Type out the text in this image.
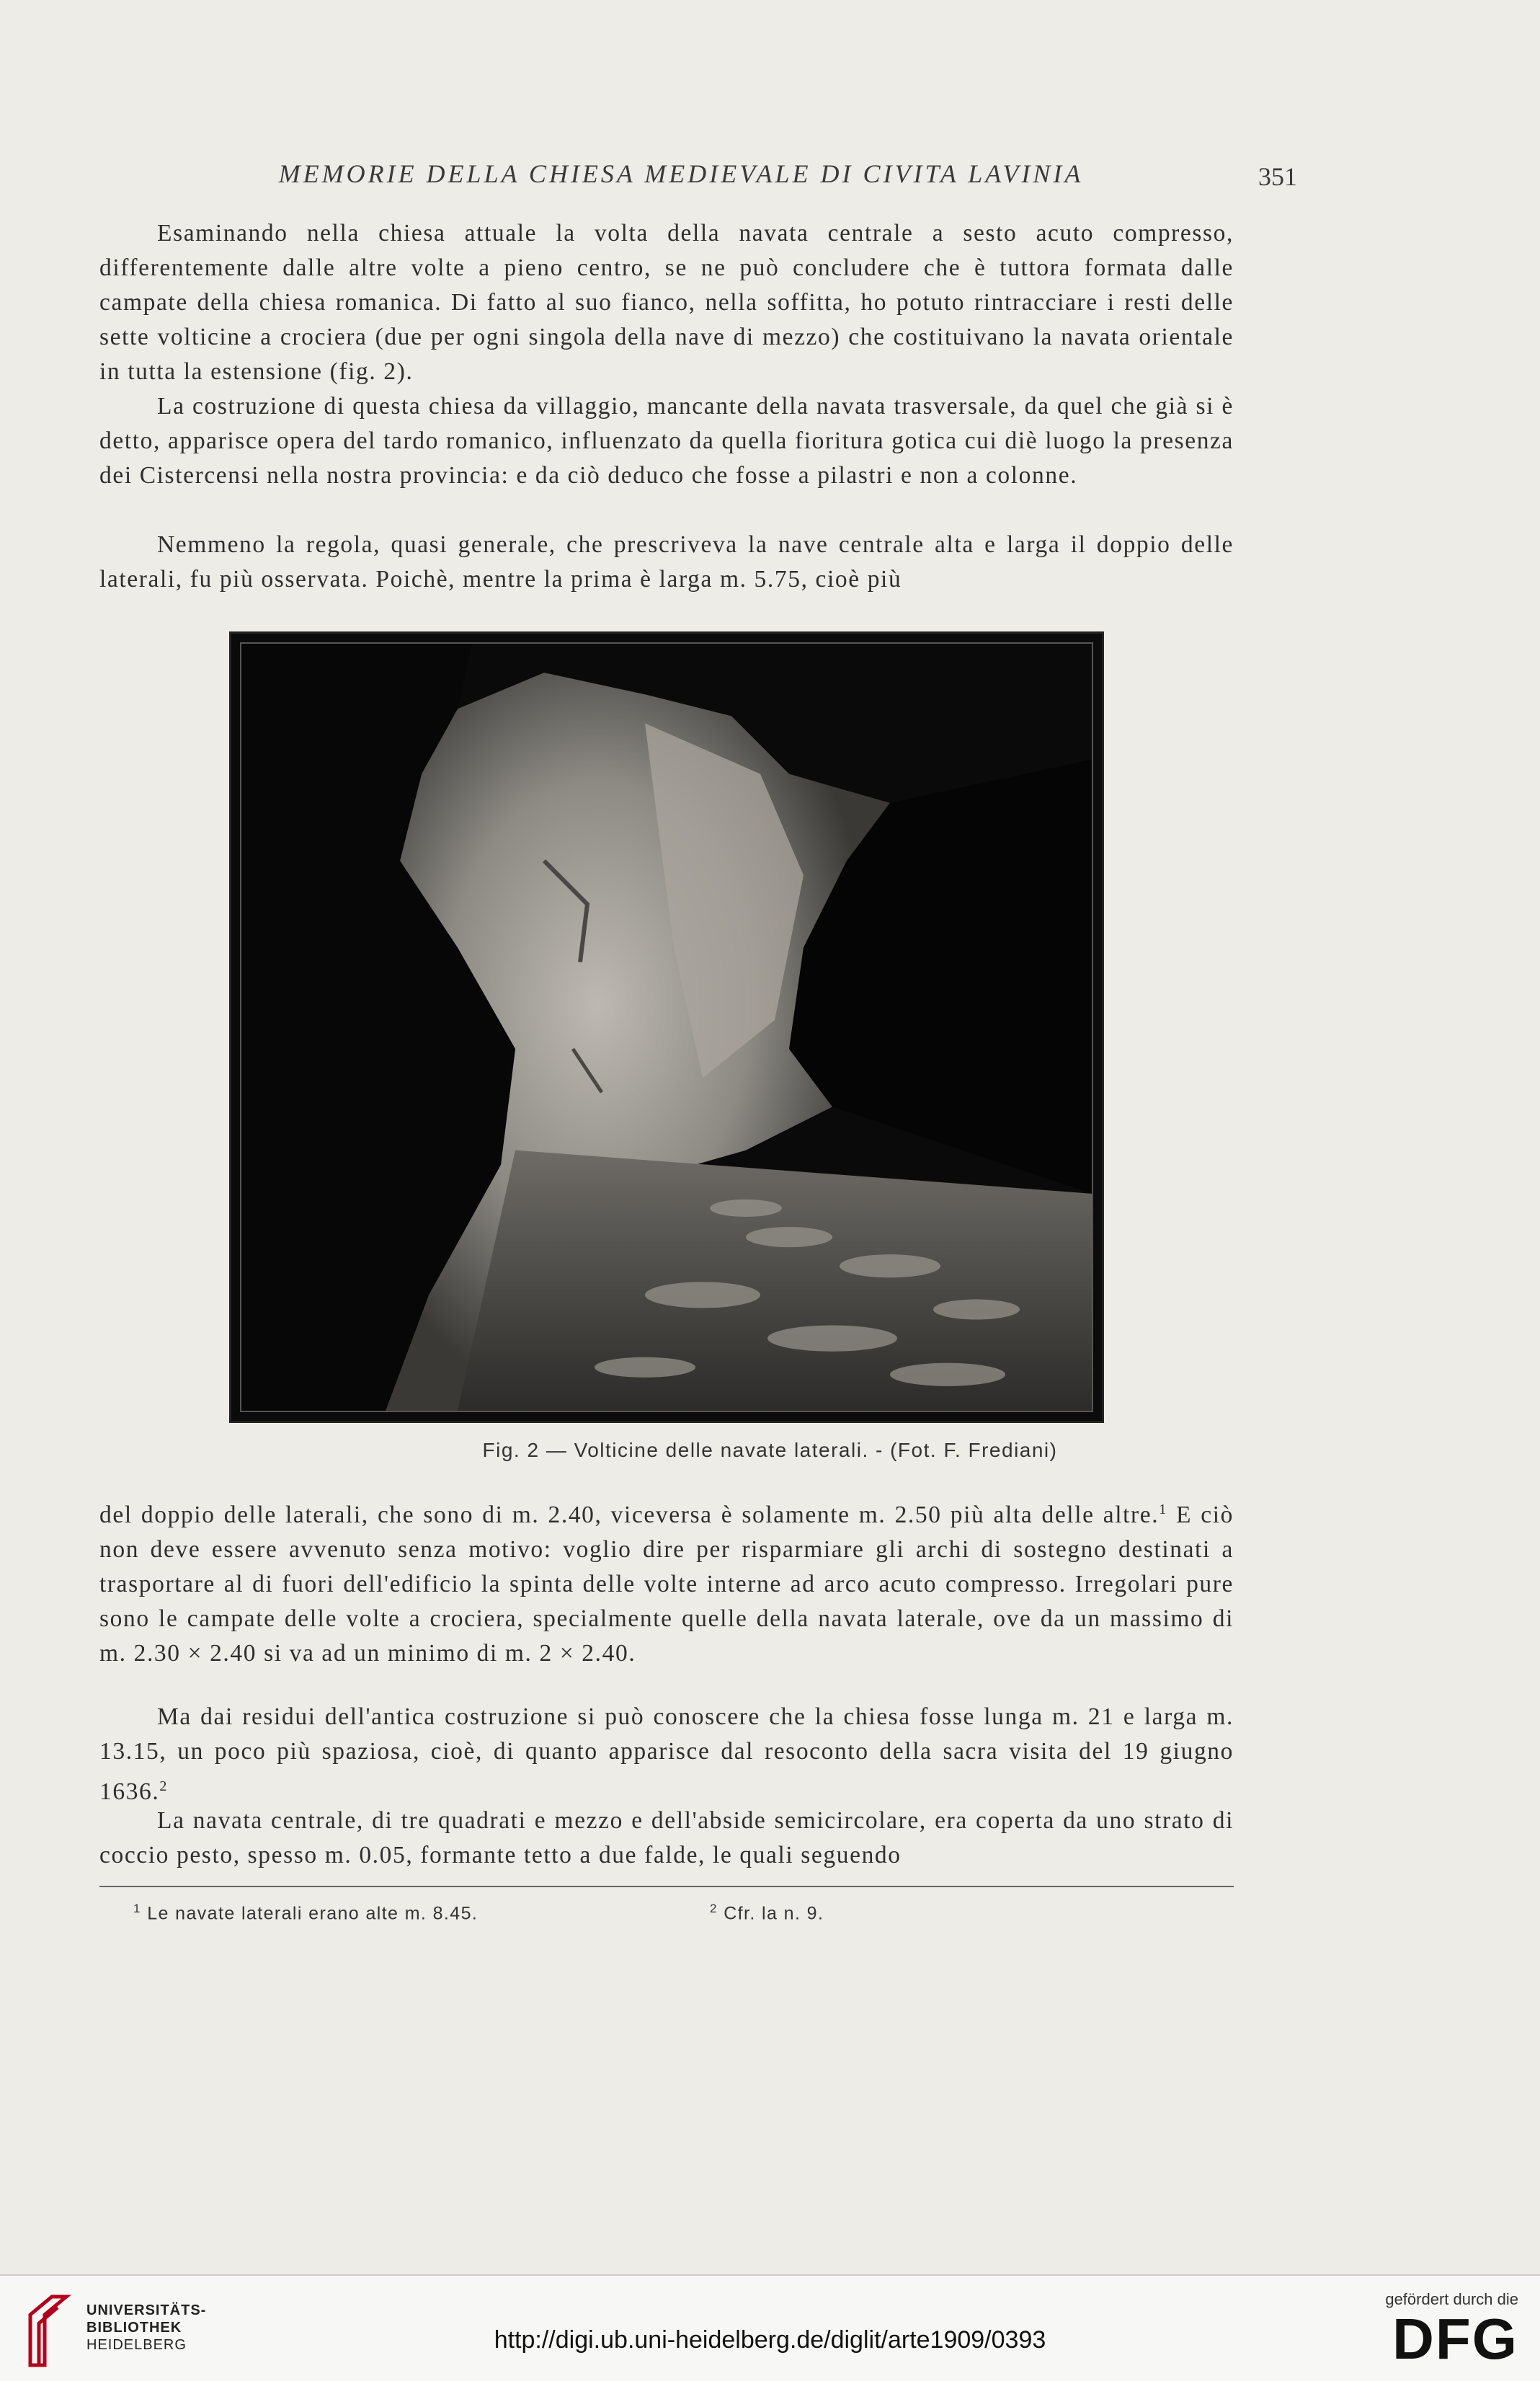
MEMORIE DELLA CHIESA MEDIEVALE DI CIVITA LAVINIA	351

Esaminando nella chiesa attuale la volta della navata centrale a sesto acuto compresso, differentemente dalle altre volte a pieno centro, se ne può concludere che è tuttora formata dalle campate della chiesa romanica. Di fatto al suo fianco, nella soffitta, ho potuto rintracciare i resti delle sette volticine a crociera (due per ogni singola della nave di mezzo) che costituivano la navata orientale in tutta la estensione (fig. 2).

La costruzione di questa chiesa da villaggio, mancante della navata trasversale, da quel che già si è detto, apparisce opera del tardo romanico, influenzato da quella fioritura gotica cui diè luogo la presenza dei Cistercensi nella nostra provincia: e da ciò deduco che fosse a pilastri e non a colonne.

Nemmeno la regola, quasi generale, che prescriveva la nave centrale alta e larga il doppio delle laterali, fu più osservata. Poichè, mentre la prima è larga m. 5.75, cioè più

Fig. 2 — Volticine delle navate laterali. - (Fot. F. Frediani)

del doppio delle laterali, che sono di m. 2.40, viceversa è solamente m. 2.50 più alta delle altre.$^1$ E ciò non deve essere avvenuto senza motivo: voglio dire per risparmiare gli archi di sostegno destinati a trasportare al di fuori dell'edificio la spinta delle volte interne ad arco acuto compresso. Irregolari pure sono le campate delle volte a crociera, specialmente quelle della navata laterale, ove da un massimo di m. 2.30 × 2.40 si va ad un minimo di m. 2 × 2.40.

Ma dai residui dell'antica costruzione si può conoscere che la chiesa fosse lunga m. 21 e larga m. 13.15, un poco più spaziosa, cioè, di quanto apparisce dal resoconto della sacra visita del 19 giugno 1636.$^2$

La navata centrale, di tre quadrati e mezzo e dell'abside semicircolare, era coperta da uno strato di coccio pesto, spesso m. 0.05, formante tetto a due falde, le quali seguendo

$^1$ Le navate laterali erano alte m. 8.45.	$^2$ Cfr. la n. 9.
UNIVERSITÄTS-
BIBLIOTHEK
HEIDELBERG	http://digi.ub.uni-heidelberg.de/diglit/arte1909/0393
gefördert durch die
DFG
